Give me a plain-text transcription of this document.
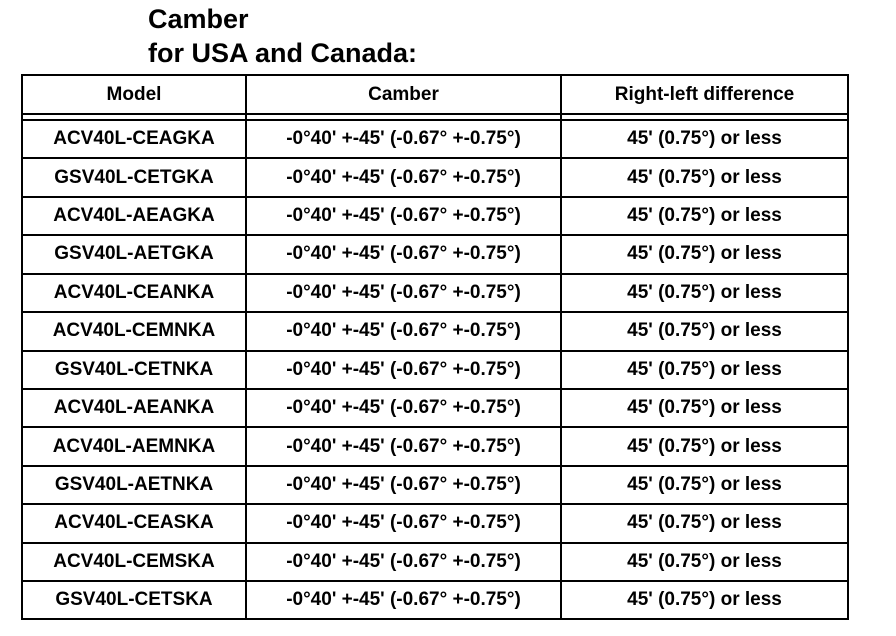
Camber
for USA and Canada:
Model	Camber	Right-left difference

ACV40L-CEAGKA	-0°40' +-45' (-0.67° +-0.75°)	45' (0.75°) or less
GSV40L-CETGKA	-0°40' +-45' (-0.67° +-0.75°)	45' (0.75°) or less
ACV40L-AEAGKA	-0°40' +-45' (-0.67° +-0.75°)	45' (0.75°) or less
GSV40L-AETGKA	-0°40' +-45' (-0.67° +-0.75°)	45' (0.75°) or less
ACV40L-CEANKA	-0°40' +-45' (-0.67° +-0.75°)	45' (0.75°) or less
ACV40L-CEMNKA	-0°40' +-45' (-0.67° +-0.75°)	45' (0.75°) or less
GSV40L-CETNKA	-0°40' +-45' (-0.67° +-0.75°)	45' (0.75°) or less
ACV40L-AEANKA	-0°40' +-45' (-0.67° +-0.75°)	45' (0.75°) or less
ACV40L-AEMNKA	-0°40' +-45' (-0.67° +-0.75°)	45' (0.75°) or less
GSV40L-AETNKA	-0°40' +-45' (-0.67° +-0.75°)	45' (0.75°) or less
ACV40L-CEASKA	-0°40' +-45' (-0.67° +-0.75°)	45' (0.75°) or less
ACV40L-CEMSKA	-0°40' +-45' (-0.67° +-0.75°)	45' (0.75°) or less
GSV40L-CETSKA	-0°40' +-45' (-0.67° +-0.75°)	45' (0.75°) or less
